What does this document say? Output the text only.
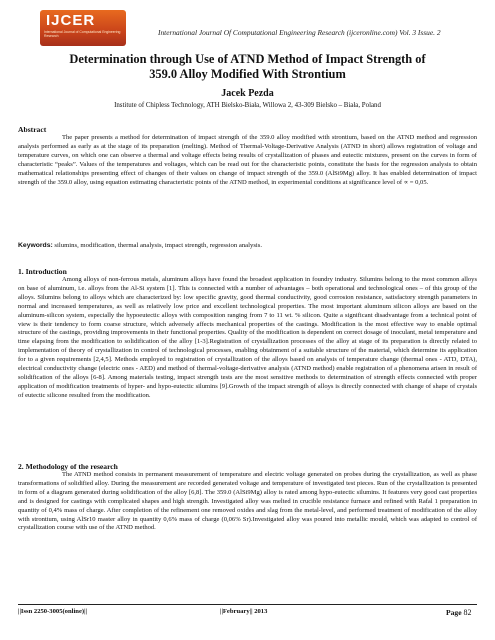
IJCER
International Journal of Computational Engineering Research	International Journal Of Computational Engineering Research (ijceronline.com) Vol. 3 Issue. 2
Determination through Use of ATND Method of Impact Strength of
359.0 Alloy Modified With Strontium
Jacek Pezda
Institute of Chipless Technology, ATH Bielsko-Biała, Willowa 2, 43-309 Bielsko – Biała, Poland
Abstract

The paper presents a method for determination of impact strength of the 359.0 alloy modified with strontium, based on the ATND method and regression analysis performed as early as at the stage of its preparation (melting). Method of Thermal-Voltage-Derivative Analysis (ATND in short) allows registration of voltage and temperature curves, on which one can observe a thermal and voltage effects being results of crystallization of phases and eutectic mixtures, present on the curves in form of characteristic “peaks”. Values of the temperatures and voltages, which can be read out for the characteristic points, constitute the basis for the regression analysis to obtain mathematical relationships presenting effect of changes of their values on change of impact strength of the 359.0 (AlSi9Mg) alloy. It has enabled determination of impact strength of the 359.0 alloy, using equation estimating characteristic points of the ATND method, in experimental conditions at significance level of ∝ = 0,05.

Keywords: silumins, modification, thermal analysis, impact strength, regression analysis.
1. Introduction

Among alloys of non-ferrous metals, aluminum alloys have found the broadest application in foundry industry. Silumins belong to the most common alloys on base of aluminum, i.e. alloys from the Al-Si system [1]. This is connected with a number of advantages – both operational and technological ones – of this group of the alloys. Silumins belong to alloys which are characterized by: low specific gravity, good thermal conductivity, good corrosion resistance, satisfactory strength parameters in normal and increased temperatures, as well as relatively low price and excellent technological properties. The most important aluminum silicon alloys are based on the aluminum-silicon system, especially the hypoeutectic alloys with composition ranging from 7 to 11 wt. % silicon. Quite a significant disadvantage from a technical point of view is their tendency to form coarse structure, which adversely affects mechanical properties of the castings. Modification is the most effective way to enable optimal structure of the castings, providing improvements in their functional properties. Quality of the modification is dependent on correct dosage of inoculant, metal temperature and time elapsing from the modification to solidification of the alloy [1-3].Registration of crystallization processes of the alloy at stage of its preparation is directly related to implementation of theory of crystallization in control of technological processes, enabling obtainment of a suitable structure of the material, which determine its application for to a given requirements [2,4,5]. Methods employed to registration of crystallization of the alloys based on analysis of temperature change (thermal ones - ATD, DTA), electrical conductivity change (electric ones - AED) and method of thermal-voltage-derivative analysis (ATND method) enable registration of a phenomena arisen in result of solidification of the alloys [6-8]. Among materials testing, impact strength tests are the most sensitive methods to determination of strength effects connected with proper application of modification treatments of hyper- and hypo-eutectic silumins [9].Growth of the impact strength of alloys is directly connected with change of shape of crystals of eutectic silicone resulted from the modification.

2. Methodology of the research

The ATND method consists in permanent measurement of temperature and electric voltage generated on probes during the crystallization, as well as phase transformations of solidified alloy. During the measurement are recorded generated voltage and temperature of investigated test pieces. Run of the crystallization is presented in form of a diagram generated during solidification of the alloy [6,8]. The 359.0 (AlSi9Mg) alloy is rated among hypo-eutectic silumins. It features very good cast properties and is designed for castings with complicated shapes and high strength. Investigated alloy was melted in crucible resistance furnace and refined with Rafal 1 preparation in quantity of 0,4% mass of charge. After completion of the refinement one removed oxides and slag from the metal-level, and performed treatment of modification of the alloy with strontium, using AlSr10 master alloy in quantity 0,6% mass of charge (0,06% Sr).Investigated alloy was poured into metallic mould, which was adapted to control of crystallization course with use of the ATND method.

||Issn 2250-3005(online)||	||February|| 2013	Page 82
